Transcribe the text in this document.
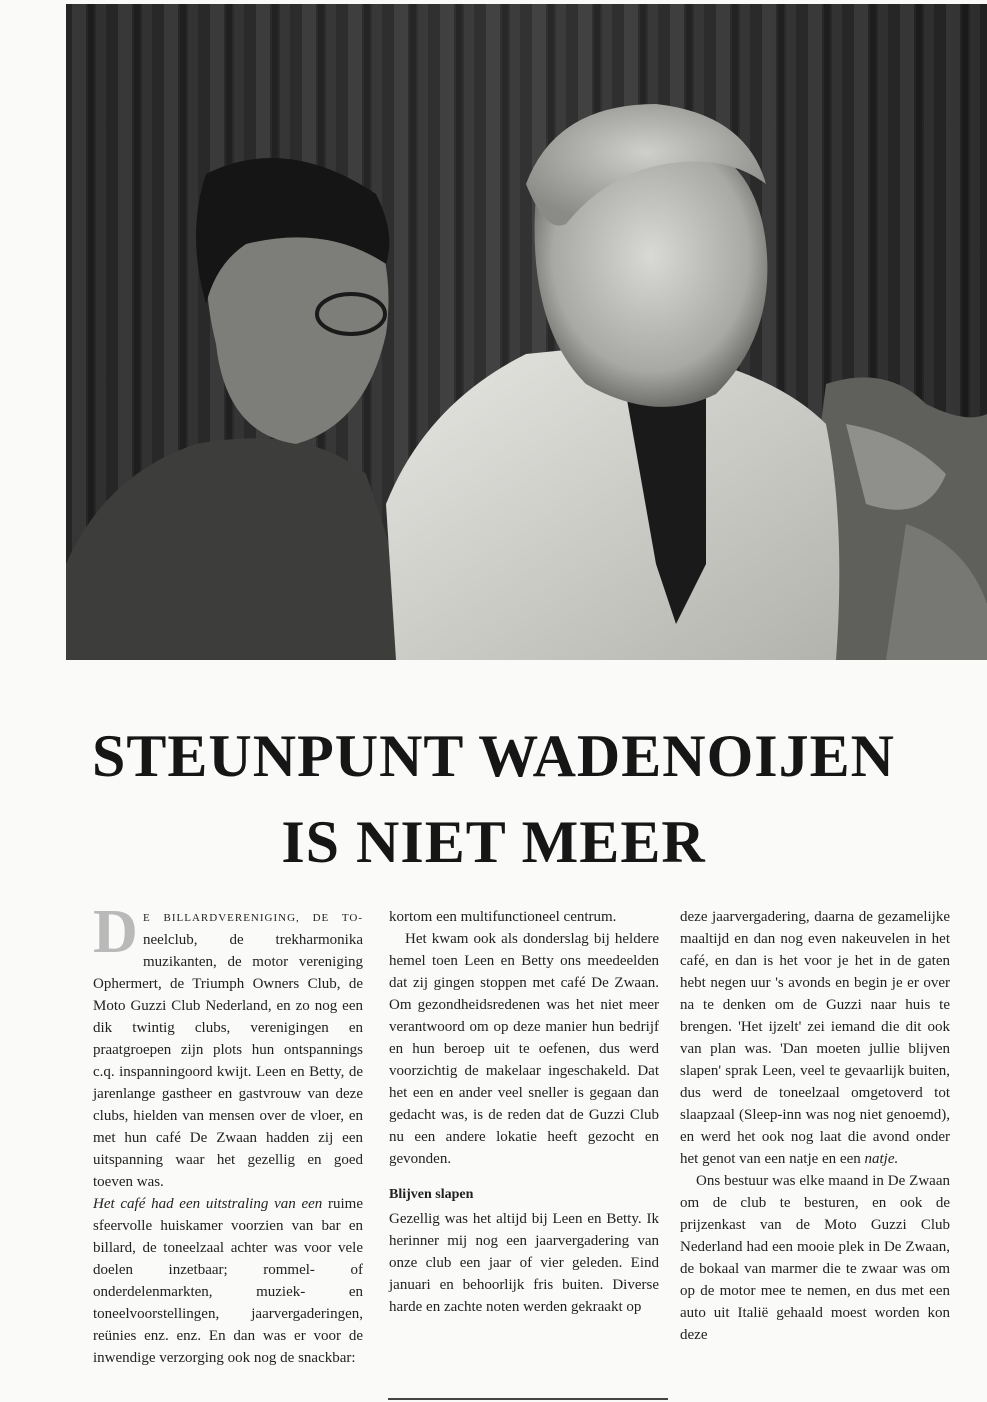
STEUNPUNT WADENOIJEN
IS NIET MEER

D E BILLARDVERENIGING, DE TO- neelclub, de trekharmonika muzikanten, de motor vereniging Ophermert, de Triumph Owners Club, de Moto Guzzi Club Nederland, en zo nog een dik twintig clubs, verenigingen en praatgroepen zijn plots hun ontspannings c.q. inspanningoord kwijt. Leen en Betty, de jarenlange gastheer en gastvrouw van deze clubs, hielden van mensen over de vloer, en met hun café De Zwaan hadden zij een uitspanning waar het gezellig en goed toeven was.

Het café had een uitstraling van een ruime sfeervolle huiskamer voorzien van bar en billard, de toneelzaal achter was voor vele doelen inzetbaar; rommel- of onderdelenmarkten, muziek- en toneelvoorstellingen, jaarvergaderingen, reünies enz. enz. En dan was er voor de inwendige verzorging ook nog de snackbar:

kortom een multifunctioneel centrum.

Het kwam ook als donderslag bij heldere hemel toen Leen en Betty ons meedeelden dat zij gingen stoppen met café De Zwaan. Om gezondheidsredenen was het niet meer verantwoord om op deze manier hun bedrijf en hun beroep uit te oefenen, dus werd voorzichtig de makelaar ingeschakeld. Dat het een en ander veel sneller is gegaan dan gedacht was, is de reden dat de Guzzi Club nu een andere lokatie heeft gezocht en gevonden.

Blijven slapen

Gezellig was het altijd bij Leen en Betty. Ik herinner mij nog een jaarvergadering van onze club een jaar of vier geleden. Eind januari en behoorlijk fris buiten. Diverse harde en zachte noten werden gekraakt op

deze jaarvergadering, daarna de gezamelijke maaltijd en dan nog even nakeuvelen in het café, en dan is het voor je het in de gaten hebt negen uur 's avonds en begin je er over na te denken om de Guzzi naar huis te brengen. 'Het ijzelt' zei iemand die dit ook van plan was. 'Dan moeten jullie blijven slapen' sprak Leen, veel te gevaarlijk buiten, dus werd de toneelzaal omgetoverd tot slaapzaal (Sleep-inn was nog niet genoemd), en werd het ook nog laat die avond onder het genot van een natje en een natje.

Ons bestuur was elke maand in De Zwaan om de club te besturen, en ook de prijzenkast van de Moto Guzzi Club Nederland had een mooie plek in De Zwaan, de bokaal van marmer die te zwaar was om op de motor mee te nemen, en dus met een auto uit Italië gehaald moest worden kon deze
